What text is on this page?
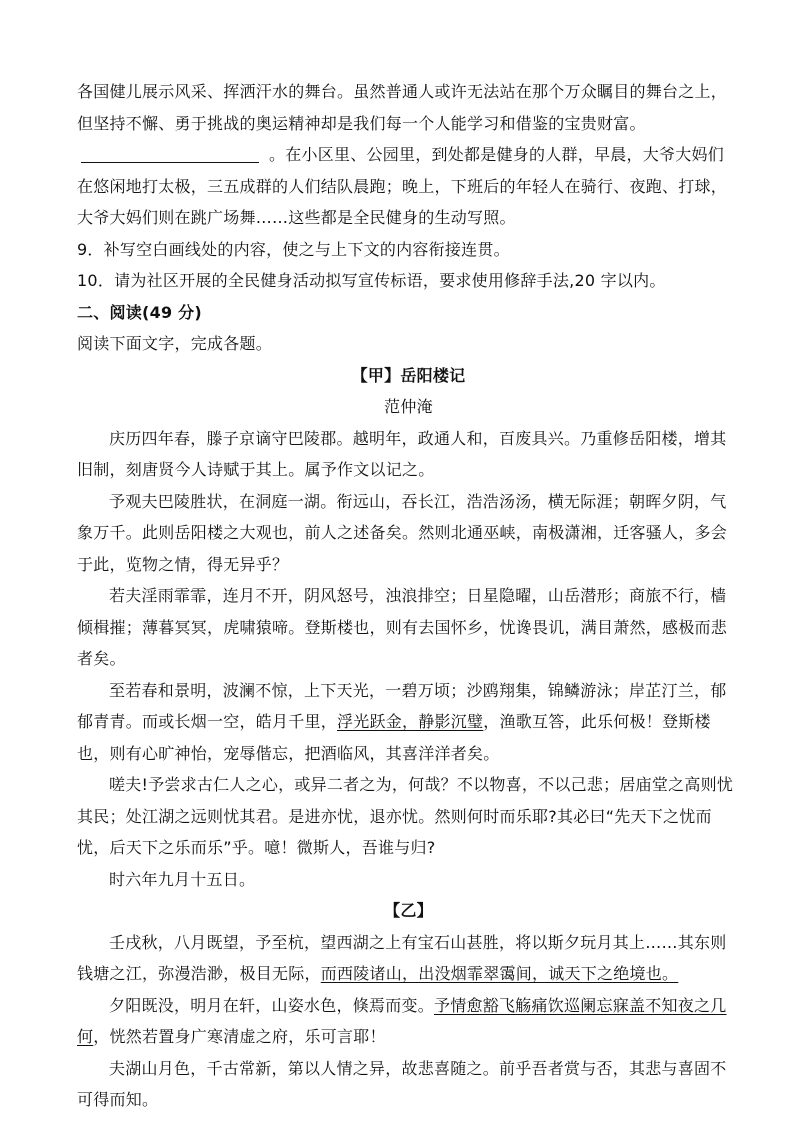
各国健儿展示风采、挥洒汗水的舞台。虽然普通人或许无法站在那个万众瞩目的舞台之上，但坚持不懈、勇于挑战的奥运精神却是我们每一个人能学习和借鉴的宝贵财富。。在小区里、公园里，到处都是健身的人群，早晨，大爷大妈们在悠闲地打太极，三五成群的人们结队晨跑；晚上，下班后的年轻人在骑行、夜跑、打球，大爷大妈们则在跳广场舞……这些都是全民健身的生动写照。

9．补写空白画线处的内容，使之与上下文的内容衔接连贯。

10．请为社区开展的全民健身活动拟写宣传标语，要求使用修辞手法,20 字以内。

二、阅读(49 分)

阅读下面文字，完成各题。

【甲】岳阳楼记

范仲淹

庆历四年春，滕子京谪守巴陵郡。越明年，政通人和，百废具兴。乃重修岳阳楼，增其旧制，刻唐贤今人诗赋于其上。属予作文以记之。

予观夫巴陵胜状，在洞庭一湖。衔远山，吞长江，浩浩汤汤，横无际涯；朝晖夕阴，气象万千。此则岳阳楼之大观也，前人之述备矣。然则北通巫峡，南极潇湘，迁客骚人，多会于此，览物之情，得无异乎？

若夫淫雨霏霏，连月不开，阴风怒号，浊浪排空；日星隐曜，山岳潜形；商旅不行，樯倾楫摧；薄暮冥冥，虎啸猿啼。登斯楼也，则有去国怀乡，忧谗畏讥，满目萧然，感极而悲者矣。

至若春和景明，波澜不惊，上下天光，一碧万顷；沙鸥翔集，锦鳞游泳；岸芷汀兰，郁郁青青。而或长烟一空，皓月千里，浮光跃金，静影沉璧，渔歌互答，此乐何极！登斯楼也，则有心旷神怡，宠辱偕忘，把酒临风，其喜洋洋者矣。

嗟夫!予尝求古仁人之心，或异二者之为，何哉？不以物喜，不以己悲；居庙堂之高则忧其民；处江湖之远则忧其君。是进亦忧，退亦忧。然则何时而乐耶?其必曰“先天下之忧而忧，后天下之乐而乐”乎。噫！微斯人，吾谁与归?

时六年九月十五日。

【乙】

壬戌秋，八月既望，予至杭，望西湖之上有宝石山甚胜，将以斯夕玩月其上……其东则钱塘之江，弥漫浩渺，极目无际，而西陵诸山，出没烟霏翠霭间，诚天下之绝境也。

夕阳既没，明月在轩，山姿水色，倏焉而变。予情愈豁飞觞痛饮巡阑忘寐盖不知夜之几何，恍然若置身广寒清虚之府，乐可言耶！

夫湖山月色，千古常新，第以人情之异，故悲喜随之。前乎吾者赏与否，其悲与喜固不可得而知。
